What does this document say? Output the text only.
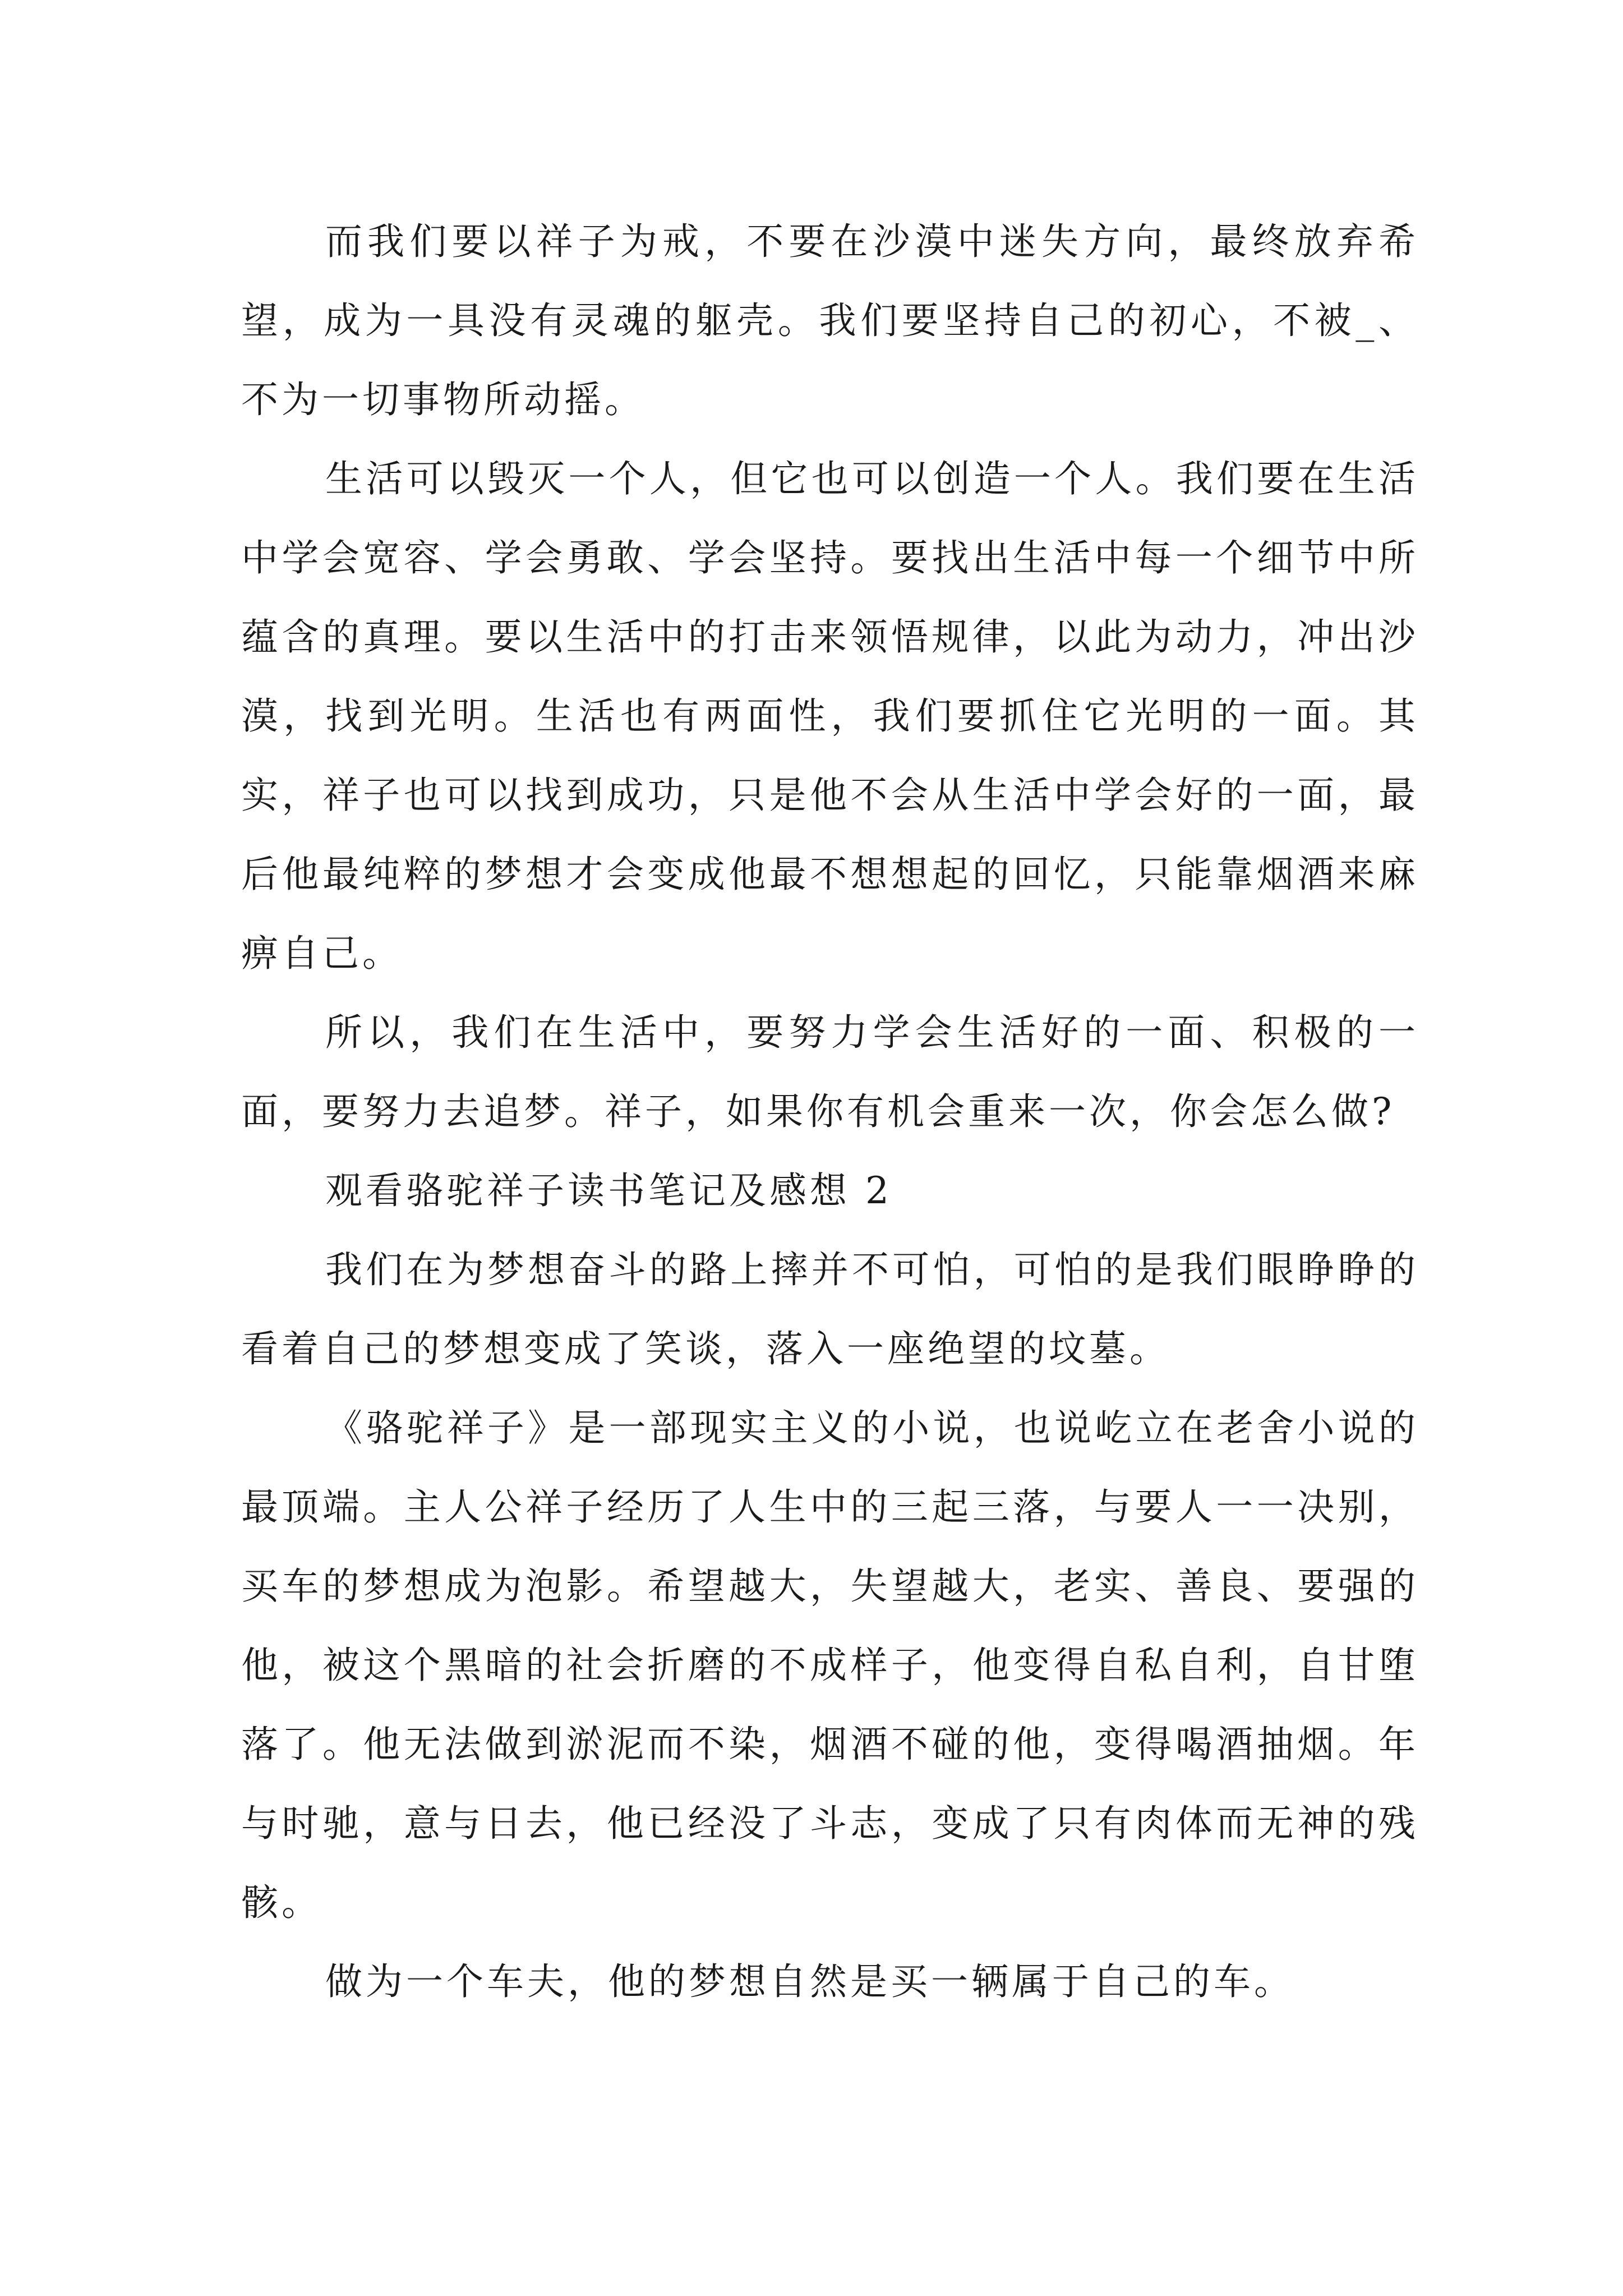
而我们要以祥子为戒，不要在沙漠中迷失方向，最终放弃希望，成为一具没有灵魂的躯壳。我们要坚持自己的初心，不被_、不为一切事物所动摇。

生活可以毁灭一个人，但它也可以创造一个人。我们要在生活中学会宽容、学会勇敢、学会坚持。要找出生活中每一个细节中所蕴含的真理。要以生活中的打击来领悟规律，以此为动力，冲出沙漠，找到光明。生活也有两面性，我们要抓住它光明的一面。其实，祥子也可以找到成功，只是他不会从生活中学会好的一面，最后他最纯粹的梦想才会变成他最不想想起的回忆，只能靠烟酒来麻痹自己。

所以，我们在生活中，要努力学会生活好的一面、积极的一面，要努力去追梦。祥子，如果你有机会重来一次，你会怎么做?

观看骆驼祥子读书笔记及感想 2

我们在为梦想奋斗的路上摔并不可怕，可怕的是我们眼睁睁的看着自己的梦想变成了笑谈，落入一座绝望的坟墓。

《骆驼祥子》是一部现实主义的小说，也说屹立在老舍小说的最顶端。主人公祥子经历了人生中的三起三落，与要人一一决别，买车的梦想成为泡影。希望越大，失望越大，老实、善良、要强的他，被这个黑暗的社会折磨的不成样子，他变得自私自利，自甘堕落了。他无法做到淤泥而不染，烟酒不碰的他，变得喝酒抽烟。年与时驰，意与日去，他已经没了斗志，变成了只有肉体而无神的残骸。

做为一个车夫，他的梦想自然是买一辆属于自己的车。
